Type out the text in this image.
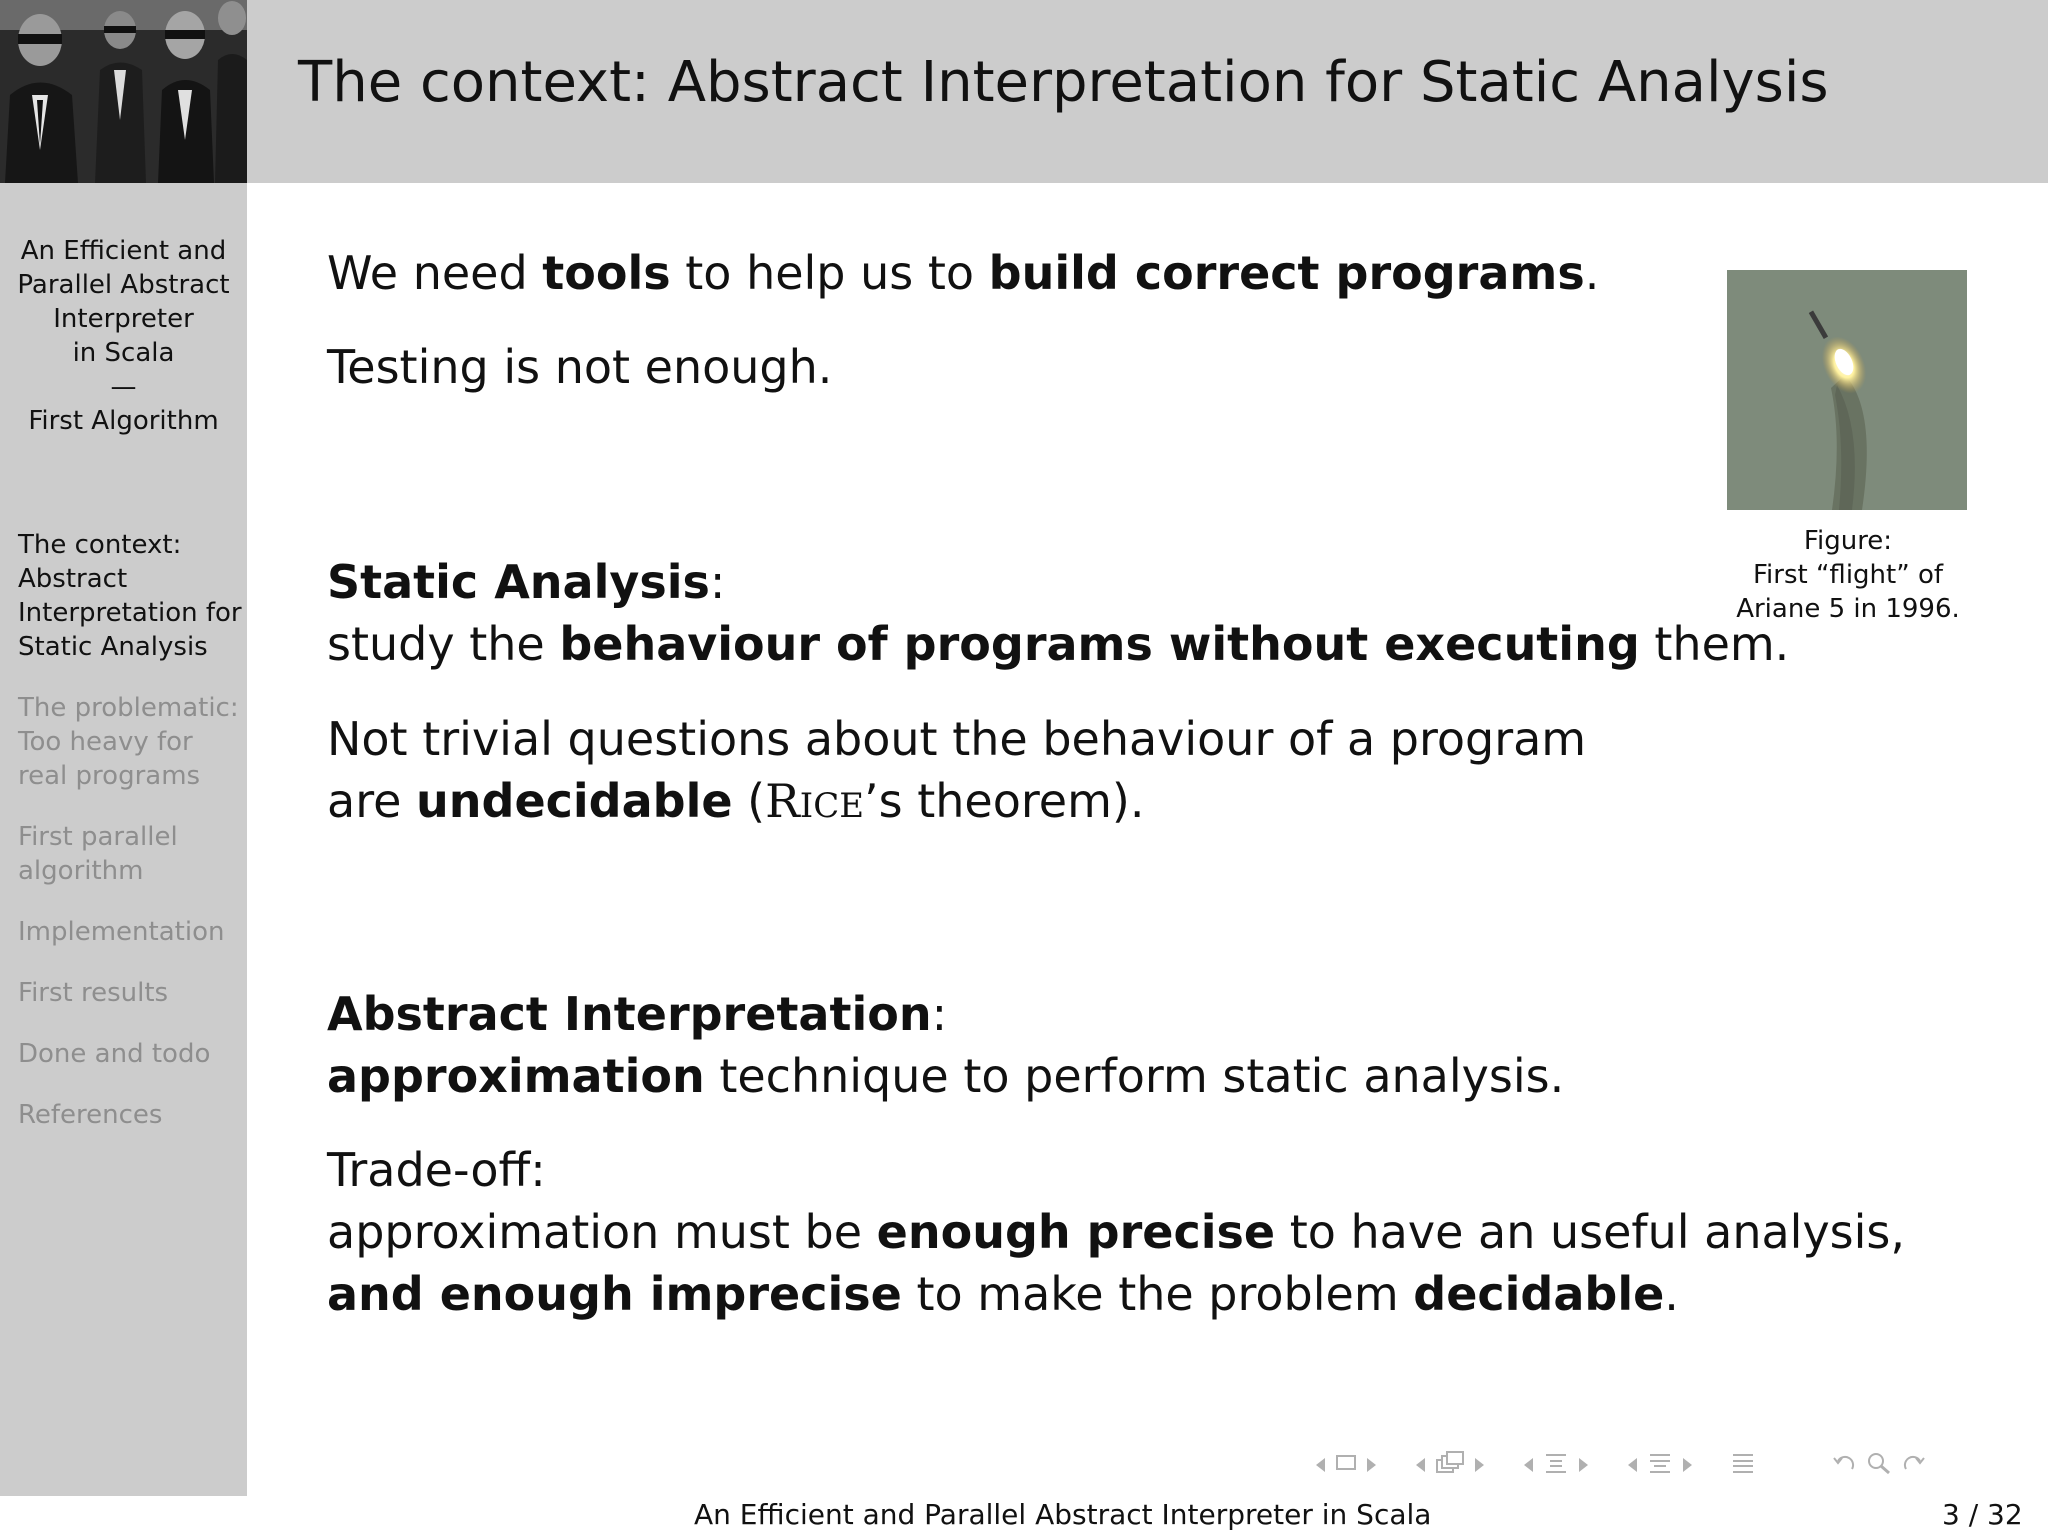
The context: Abstract Interpretation for Static Analysis
An Efficient and
Parallel Abstract
Interpreter
in Scala
—
First Algorithm
The context:
Abstract
Interpretation for
Static Analysis
The problematic:
Too heavy for
real programs
First parallel
algorithm
Implementation
First results
Done and todo
References
We need tools to help us to build correct programs.
Testing is not enough.
Static Analysis:
study the behaviour of programs without executing them.
Not trivial questions about the behaviour of a program
are undecidable (RICE’s theorem).
Abstract Interpretation:
approximation technique to perform static analysis.
Trade-off:
approximation must be enough precise to have an useful analysis,
and enough imprecise to make the problem decidable.
Figure:
First “flight” of
Ariane 5 in 1996.
An Efficient and Parallel Abstract Interpreter in Scala	3 / 32
